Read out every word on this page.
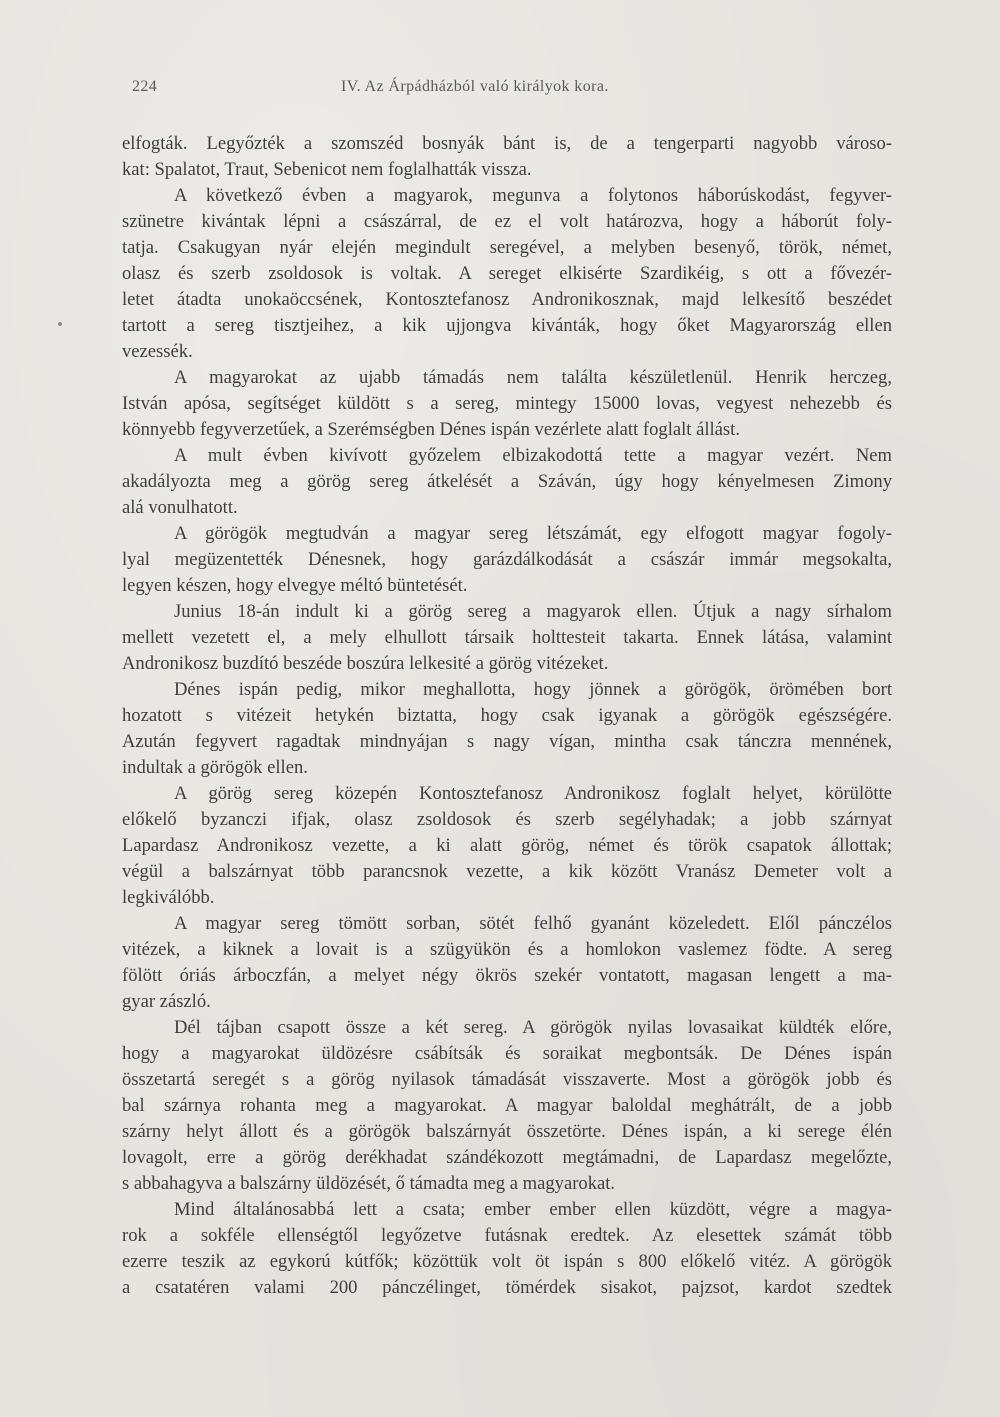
224	IV. Az Árpádházból való királyok kora.
elfogták. Legyőzték a szomszéd bosnyák bánt is, de a tengerparti nagyobb városo-
kat: Spalatot, Traut, Sebenicot nem foglalhatták vissza.
A következő évben a magyarok, megunva a folytonos háborúskodást, fegyver-
szünetre kivántak lépni a császárral, de ez el volt határozva, hogy a háborút foly-
tatja. Csakugyan nyár elején megindult seregével, a melyben besenyő, török, német,
olasz és szerb zsoldosok is voltak. A sereget elkisérte Szardikéig, s ott a fővezér-
letet átadta unokaöccsének, Kontosztefanosz Andronikosznak, majd lelkesítő beszédet
tartott a sereg tisztjeihez, a kik ujjongva kivánták, hogy őket Magyarország ellen
vezessék.
A magyarokat az ujabb támadás nem találta készületlenül. Henrik herczeg,
István apósa, segítséget küldött s a sereg, mintegy 15000 lovas, vegyest nehezebb és
könnyebb fegyverzetűek, a Szerémségben Dénes ispán vezérlete alatt foglalt állást.
A mult évben kivívott győzelem elbizakodottá tette a magyar vezért. Nem
akadályozta meg a görög sereg átkelését a Száván, úgy hogy kényelmesen Zimony
alá vonulhatott.
A görögök megtudván a magyar sereg létszámát, egy elfogott magyar fogoly-
lyal megüzentették Dénesnek, hogy garázdálkodását a császár immár megsokalta,
legyen készen, hogy elvegye méltó büntetését.
Junius 18-án indult ki a görög sereg a magyarok ellen. Útjuk a nagy sírhalom
mellett vezetett el, a mely elhullott társaik holttesteit takarta. Ennek látása, valamint
Andronikosz buzdító beszéde boszúra lelkesité a görög vitézeket.
Dénes ispán pedig, mikor meghallotta, hogy jönnek a görögök, örömében bort
hozatott s vitézeit hetykén biztatta, hogy csak igyanak a görögök egészségére.
Azután fegyvert ragadtak mindnyájan s nagy vígan, mintha csak tánczra mennének,
indultak a görögök ellen.
A görög sereg közepén Kontosztefanosz Andronikosz foglalt helyet, körülötte
előkelő byzanczi ifjak, olasz zsoldosok és szerb segélyhadak; a jobb szárnyat
Lapardasz Andronikosz vezette, a ki alatt görög, német és török csapatok állottak;
végül a balszárnyat több parancsnok vezette, a kik között Vranász Demeter volt a
legkiválóbb.
A magyar sereg tömött sorban, sötét felhő gyanánt közeledett. Elől pánczélos
vitézek, a kiknek a lovait is a szügyükön és a homlokon vaslemez födte. A sereg
fölött óriás árboczfán, a melyet négy ökrös szekér vontatott, magasan lengett a ma-
gyar zászló.
Dél tájban csapott össze a két sereg. A görögök nyilas lovasaikat küldték előre,
hogy a magyarokat üldözésre csábítsák és soraikat megbontsák. De Dénes ispán
összetartá seregét s a görög nyilasok támadását visszaverte. Most a görögök jobb és
bal szárnya rohanta meg a magyarokat. A magyar baloldal meghátrált, de a jobb
szárny helyt állott és a görögök balszárnyát összetörte. Dénes ispán, a ki serege élén
lovagolt, erre a görög derékhadat szándékozott megtámadni, de Lapardasz megelőzte,
s abbahagyva a balszárny üldözését, ő támadta meg a magyarokat.
Mind általánosabbá lett a csata; ember ember ellen küzdött, végre a magya-
rok a sokféle ellenségtől legyőzetve futásnak eredtek. Az elesettek számát több
ezerre teszik az egykorú kútfők; közöttük volt öt ispán s 800 előkelő vitéz. A görögök
a csatatéren valami 200 pánczélinget, tömérdek sisakot, pajzsot, kardot szedtek
